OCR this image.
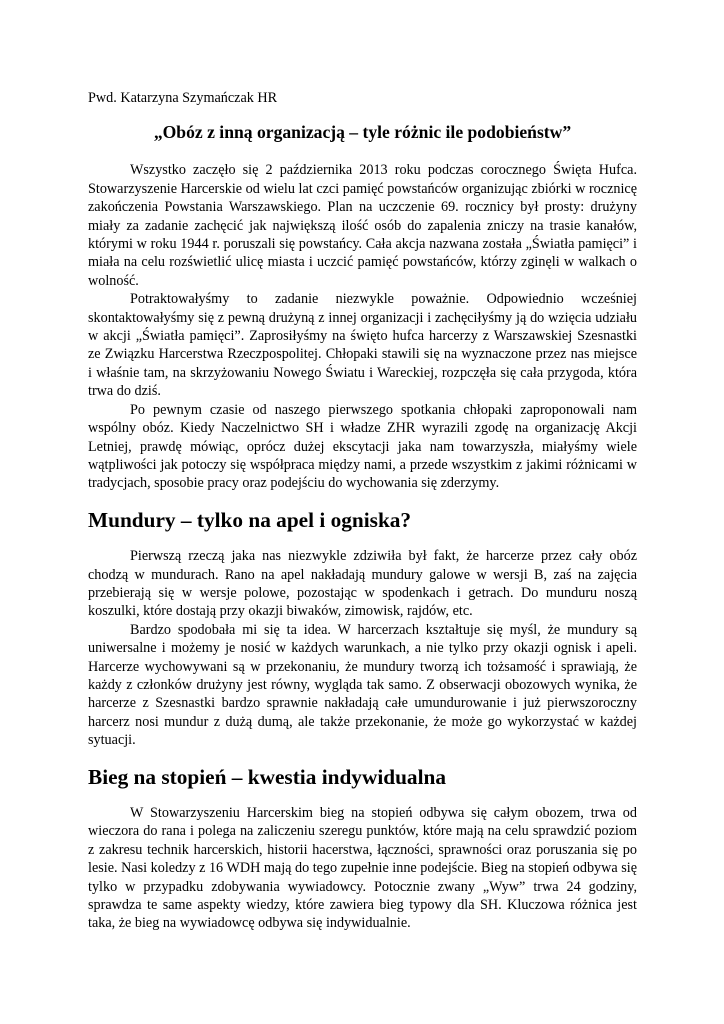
Pwd. Katarzyna Szymańczak HR

„Obóz z inną organizacją – tyle różnic ile podobieństw”

Wszystko zaczęło się 2 października 2013 roku podczas corocznego Święta Hufca. Stowarzyszenie Harcerskie od wielu lat czci pamięć powstańców organizując zbiórki w rocznicę zakończenia Powstania Warszawskiego. Plan na uczczenie 69. rocznicy był prosty: drużyny miały za zadanie zachęcić jak największą ilość osób do zapalenia zniczy na trasie kanałów, którymi w roku 1944 r. poruszali się powstańcy. Cała akcja nazwana została „Światła pamięci” i miała na celu rozświetlić ulicę miasta i uczcić pamięć powstańców, którzy zginęli w walkach o wolność.

Potraktowałyśmy to zadanie niezwykle poważnie. Odpowiednio wcześniej skontaktowałyśmy się z pewną drużyną z innej organizacji i zachęciłyśmy ją do wzięcia udziału w akcji „Światła pamięci”. Zaprosiłyśmy na święto hufca harcerzy z Warszawskiej Szesnastki ze Związku Harcerstwa Rzeczpospolitej. Chłopaki stawili się na wyznaczone przez nas miejsce i właśnie tam, na skrzyżowaniu Nowego Światu i Wareckiej, rozpczęła się cała przygoda, która trwa do dziś.

Po pewnym czasie od naszego pierwszego spotkania chłopaki zaproponowali nam wspólny obóz. Kiedy Naczelnictwo SH i władze ZHR wyrazili zgodę na organizację Akcji Letniej, prawdę mówiąc, oprócz dużej ekscytacji jaka nam towarzyszła, miałyśmy wiele wątpliwości jak potoczy się współpraca między nami, a przede wszystkim z jakimi różnicami w tradycjach, sposobie pracy oraz podejściu do wychowania się zderzymy.

Mundury – tylko na apel i ogniska?

Pierwszą rzeczą jaka nas niezwykle zdziwiła był fakt, że harcerze przez cały obóz chodzą w mundurach. Rano na apel nakładają mundury galowe w wersji B, zaś na zajęcia przebierają się w wersje polowe, pozostając w spodenkach i getrach. Do munduru noszą koszulki, które dostają przy okazji biwaków, zimowisk, rajdów, etc.

Bardzo spodobała mi się ta idea. W harcerzach kształtuje się myśl, że mundury są uniwersalne i możemy je nosić w każdych warunkach, a nie tylko przy okazji ognisk i apeli. Harcerze wychowywani są w przekonaniu, że mundury tworzą ich tożsamość i sprawiają, że każdy z członków drużyny jest równy, wygląda tak samo. Z obserwacji obozowych wynika, że harcerze z Szesnastki bardzo sprawnie nakładają całe umundurowanie i już pierwszoroczny harcerz nosi mundur z dużą dumą, ale także przekonanie, że może go wykorzystać w każdej sytuacji.

Bieg na stopień – kwestia indywidualna

W Stowarzyszeniu Harcerskim bieg na stopień odbywa się całym obozem, trwa od wieczora do rana i polega na zaliczeniu szeregu punktów, które mają na celu sprawdzić poziom z zakresu technik harcerskich, historii hacerstwa, łączności, sprawności oraz poruszania się po lesie. Nasi koledzy z 16 WDH mają do tego zupełnie inne podejście. Bieg na stopień odbywa się tylko w przypadku zdobywania wywiadowcy. Potocznie zwany „Wyw” trwa 24 godziny, sprawdza te same aspekty wiedzy, które zawiera bieg typowy dla SH. Kluczowa różnica jest taka, że bieg na wywiadowcę odbywa się indywidualnie.
